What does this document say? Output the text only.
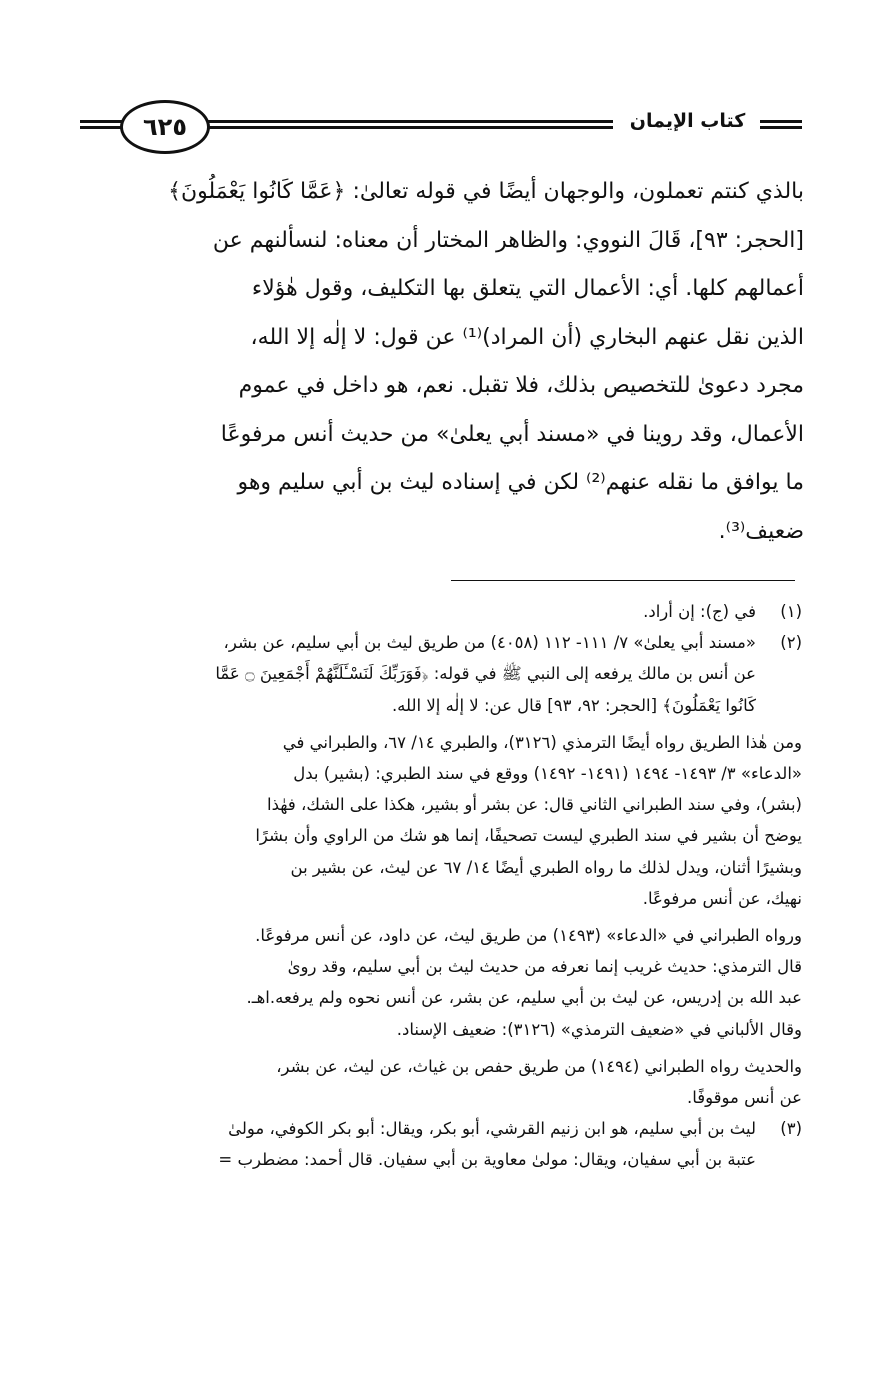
٦٢٥	كتاب الإيمان
بالذي كنتم تعملون، والوجهان أيضًا في قوله تعالىٰ: ﴿عَمَّا كَانُوا يَعْمَلُونَ﴾
[الحجر: ٩٣]، قَالَ النووي: والظاهر المختار أن معناه: لنسألنهم عن
أعمالهم كلها. أي: الأعمال التي يتعلق بها التكليف، وقول هٰؤلاء
الذين نقل عنهم البخاري (أن المراد)⁽¹⁾ عن قول: لا إلٰه إلا الله،
مجرد دعوىٰ للتخصيص بذلك، فلا تقبل. نعم، هو داخل في عموم
الأعمال، وقد روينا في «مسند أبي يعلىٰ» من حديث أنس مرفوعًا
ما يوافق ما نقله عنهم⁽²⁾ لكن في إسناده ليث بن أبي سليم وهو
ضعيف⁽³⁾.
(١)
في (ج): إن أراد.
(٢)
«مسند أبي يعلىٰ» ٧/ ١١١- ١١٢ (٤٠٥٨) من طريق ليث بن أبي سليم، عن بشر،
عن أنس بن مالك يرفعه إلى النبي ﷺ في قوله: ﴿فَوَرَبِّكَ لَنَسْـَٔلَنَّهُمْ أَجْمَعِينَ ۝ عَمَّا
كَانُوا يَعْمَلُونَ﴾ [الحجر: ٩٢، ٩٣] قال عن: لا إلٰه إلا الله.
ومن هٰذا الطريق رواه أيضًا الترمذي (٣١٢٦)، والطبري ١٤/ ٦٧، والطبراني في
«الدعاء» ٣/ ١٤٩٣- ١٤٩٤ (١٤٩١- ١٤٩٢) ووقع في سند الطبري: (بشير) بدل
(بشر)، وفي سند الطبراني الثاني قال: عن بشر أو بشير، هكذا على الشك، فهٰذا
يوضح أن بشير في سند الطبري ليست تصحيفًا، إنما هو شك من الراوي وأن بشرًا
وبشيرًا أثنان، ويدل لذلك ما رواه الطبري أيضًا ١٤/ ٦٧ عن ليث، عن بشير بن
نهيك، عن أنس مرفوعًا.
ورواه الطبراني في «الدعاء» (١٤٩٣) من طريق ليث، عن داود، عن أنس مرفوعًا.
قال الترمذي: حديث غريب إنما نعرفه من حديث ليث بن أبي سليم، وقد روىٰ
عبد الله بن إدريس، عن ليث بن أبي سليم، عن بشر، عن أنس نحوه ولم يرفعه.اهـ.
وقال الألباني في «ضعيف الترمذي» (٣١٢٦): ضعيف الإسناد.
والحديث رواه الطبراني (١٤٩٤) من طريق حفص بن غياث، عن ليث، عن بشر،
عن أنس موقوفًا.
(٣)
ليث بن أبي سليم، هو ابن زنيم القرشي، أبو بكر، ويقال: أبو بكر الكوفي، مولىٰ
عتبة بن أبي سفيان، ويقال: مولىٰ معاوية بن أبي سفيان. قال أحمد: مضطرب =
